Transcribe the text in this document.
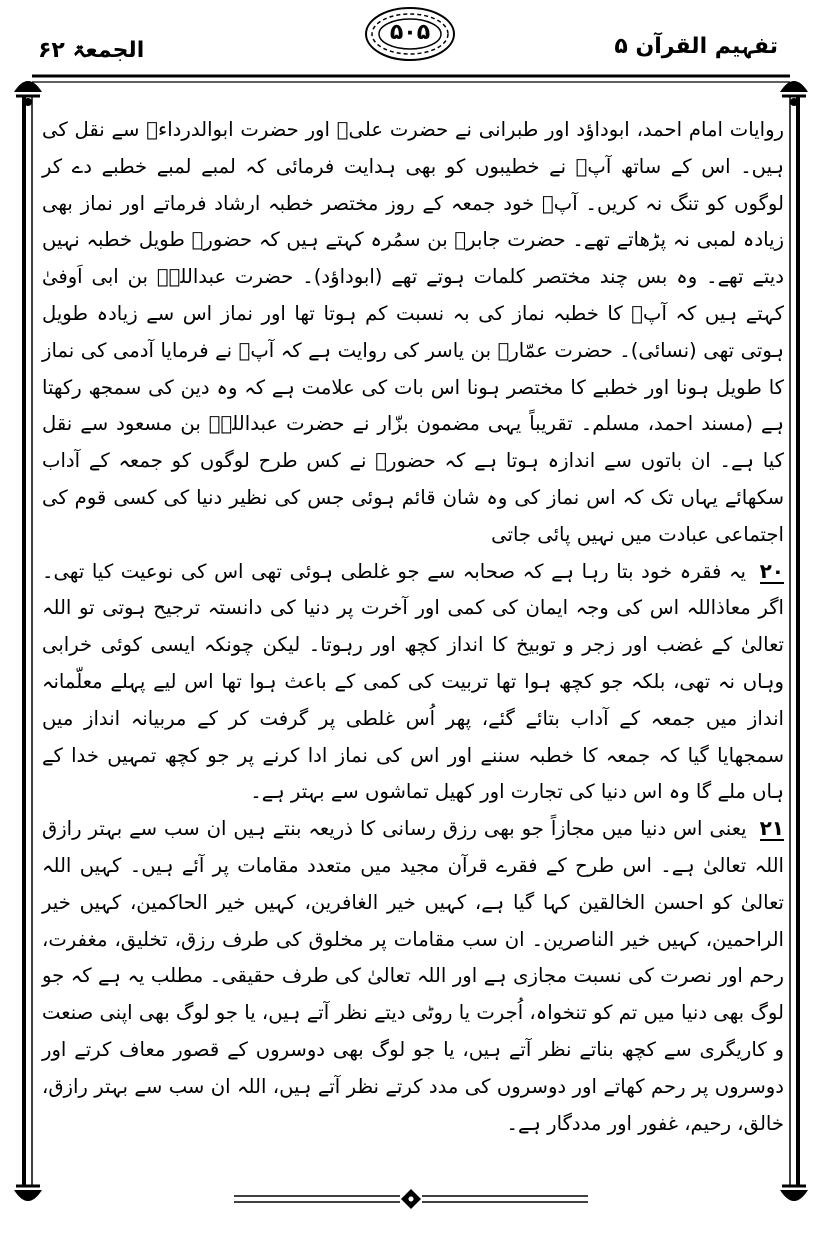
الجمعۃ ۶۲
۵۰۵
تفہیم القرآن ۵

روایات امام احمد، ابوداؤد اور طبرانی نے حضرت علیؓ اور حضرت ابوالدرداءؓ سے نقل کی ہیں۔ اس کے ساتھ آپؐ نے خطیبوں کو بھی ہدایت فرمائی کہ لمبے لمبے خطبے دے کر لوگوں کو تنگ نہ کریں۔ آپؐ خود جمعہ کے روز مختصر خطبہ ارشاد فرماتے اور نماز بھی زیادہ لمبی نہ پڑھاتے تھے۔ حضرت جابرؓ بن سمُرہ کہتے ہیں کہ حضورؐ طویل خطبہ نہیں دیتے تھے۔ وہ بس چند مختصر کلمات ہوتے تھے (ابوداؤد)۔ حضرت عبداللہؓ بن ابی اَوفیٰ کہتے ہیں کہ آپؐ کا خطبہ نماز کی بہ نسبت کم ہوتا تھا اور نماز اس سے زیادہ طویل ہوتی تھی (نسائی)۔ حضرت عمّارؓ بن یاسر کی روایت ہے کہ آپؐ نے فرمایا آدمی کی نماز کا طویل ہونا اور خطبے کا مختصر ہونا اس بات کی علامت ہے کہ وہ دین کی سمجھ رکھتا ہے (مسند احمد، مسلم۔ تقریباً یہی مضمون بزّار نے حضرت عبداللہؓ بن مسعود سے نقل کیا ہے۔ ان باتوں سے اندازہ ہوتا ہے کہ حضورؐ نے کس طرح لوگوں کو جمعہ کے آداب سکھائے یہاں تک کہ اس نماز کی وہ شان قائم ہوئی جس کی نظیر دنیا کی کسی قوم کی اجتماعی عبادت میں نہیں پائی جاتی

۲۰ یہ فقرہ خود بتا رہا ہے کہ صحابہ سے جو غلطی ہوئی تھی اس کی نوعیت کیا تھی۔ اگر معاذاللہ اس کی وجہ ایمان کی کمی اور آخرت پر دنیا کی دانستہ ترجیح ہوتی تو اللہ تعالیٰ کے غضب اور زجر و توبیخ کا انداز کچھ اور رہوتا۔ لیکن چونکہ ایسی کوئی خرابی وہاں نہ تھی، بلکہ جو کچھ ہوا تھا تربیت کی کمی کے باعث ہوا تھا اس لیے پہلے معلّمانہ انداز میں جمعہ کے آداب بتائے گئے، پھر اُس غلطی پر گرفت کر کے مربیانہ انداز میں سمجھایا گیا کہ جمعہ کا خطبہ سننے اور اس کی نماز ادا کرنے پر جو کچھ تمہیں خدا کے ہاں ملے گا وہ اس دنیا کی تجارت اور کھیل تماشوں سے بہتر ہے۔

۲۱ یعنی اس دنیا میں مجازاً جو بھی رزق رسانی کا ذریعہ بنتے ہیں ان سب سے بہتر رازق اللہ تعالیٰ ہے۔ اس طرح کے فقرے قرآن مجید میں متعدد مقامات پر آئے ہیں۔ کہیں اللہ تعالیٰ کو احسن الخالقین کہا گیا ہے، کہیں خیر الغافرین، کہیں خیر الحاکمین، کہیں خیر الراحمین، کہیں خیر الناصرین۔ ان سب مقامات پر مخلوق کی طرف رزق، تخلیق، مغفرت، رحم اور نصرت کی نسبت مجازی ہے اور اللہ تعالیٰ کی طرف حقیقی۔ مطلب یہ ہے کہ جو لوگ بھی دنیا میں تم کو تنخواہ، اُجرت یا روٹی دیتے نظر آتے ہیں، یا جو لوگ بھی اپنی صنعت و کاریگری سے کچھ بناتے نظر آتے ہیں، یا جو لوگ بھی دوسروں کے قصور معاف کرتے اور دوسروں پر رحم کھاتے اور دوسروں کی مدد کرتے نظر آتے ہیں، اللہ ان سب سے بہتر رازق، خالق، رحیم، غفور اور مددگار ہے۔
